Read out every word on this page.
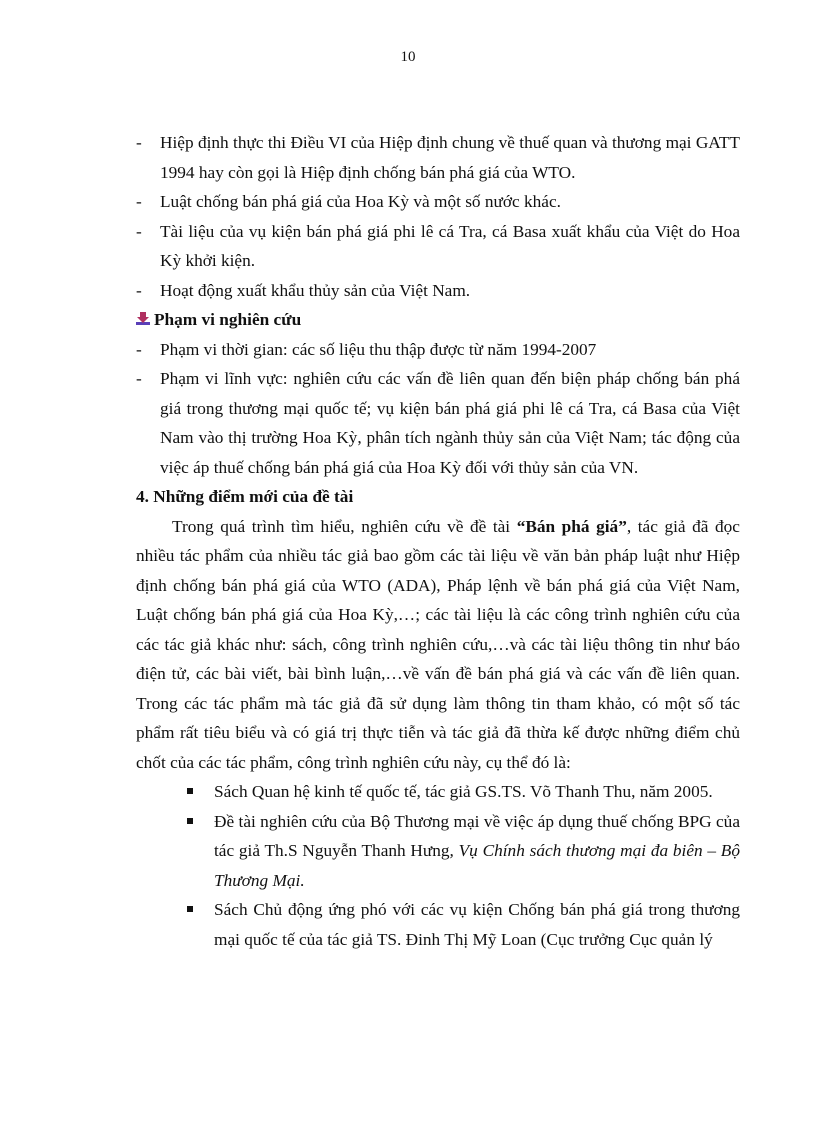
10
- Hiệp định thực thi Điều VI của Hiệp định chung về thuế quan và thương mại GATT 1994 hay còn gọi là Hiệp định chống bán phá giá của WTO.
- Luật chống bán phá giá của Hoa Kỳ và một số nước khác.
- Tài liệu của vụ kiện bán phá giá phi lê cá Tra, cá Basa xuất khẩu của Việt do Hoa Kỳ khởi kiện.
- Hoạt động xuất khẩu thủy sản của Việt Nam.
Phạm vi nghiên cứu
- Phạm vi thời gian: các số liệu thu thập được từ năm 1994-2007
- Phạm vi lĩnh vực: nghiên cứu các vấn đề liên quan đến biện pháp chống bán phá giá trong thương mại quốc tế; vụ kiện bán phá giá phi lê cá Tra, cá Basa của Việt Nam vào thị trường Hoa Kỳ, phân tích ngành thủy sản của Việt Nam; tác động của việc áp thuế chống bán phá giá của Hoa Kỳ đối với thủy sản của VN.
4. Những điểm mới của đề tài
Trong quá trình tìm hiểu, nghiên cứu về đề tài “Bán phá giá”, tác giả đã đọc nhiều tác phẩm của nhiều tác giả bao gồm các tài liệu về văn bản pháp luật như Hiệp định chống bán phá giá của WTO (ADA), Pháp lệnh về bán phá giá của Việt Nam, Luật chống bán phá giá của Hoa Kỳ,…; các tài liệu là các công trình nghiên cứu của các tác giả khác như: sách, công trình nghiên cứu,…và các tài liệu thông tin như báo điện tử, các bài viết, bài bình luận,…về vấn đề bán phá giá và các vấn đề liên quan. Trong các tác phẩm mà tác giả đã sử dụng làm thông tin tham khảo, có một số tác phẩm rất tiêu biểu và có giá trị thực tiễn và tác giả đã thừa kế được những điểm chủ chốt của các tác phẩm, công trình nghiên cứu này, cụ thể đó là:
Sách Quan hệ kinh tế quốc tế, tác giả GS.TS. Võ Thanh Thu, năm 2005.
Đề tài nghiên cứu của Bộ Thương mại về việc áp dụng thuế chống BPG của tác giả Th.S Nguyễn Thanh Hưng, Vụ Chính sách thương mại đa biên – Bộ Thương Mại.
Sách Chủ động ứng phó với các vụ kiện Chống bán phá giá trong thương mại quốc tế của tác giả TS. Đinh Thị Mỹ Loan (Cục trưởng Cục quản lý
